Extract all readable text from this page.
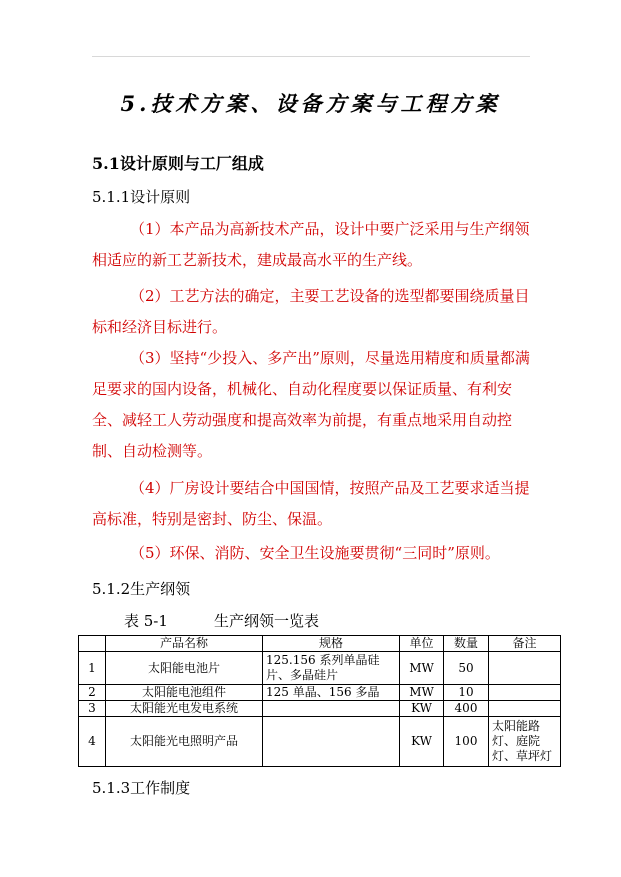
5.技术方案、设备方案与工程方案
5.1设计原则与工厂组成
5.1.1设计原则
（1）本产品为高新技术产品，设计中要广泛采用与生产纲领相适应的新工艺新技术，建成最高水平的生产线。
（2）工艺方法的确定，主要工艺设备的选型都要围绕质量目标和经济目标进行。
（3）坚持“少投入、多产出”原则，尽量选用精度和质量都满足要求的国内设备，机械化、自动化程度要以保证质量、有利安全、减轻工人劳动强度和提高效率为前提，有重点地采用自动控制、自动检测等。
（4）厂房设计要结合中国国情，按照产品及工艺要求适当提高标准，特别是密封、防尘、保温。
（5）环保、消防、安全卫生设施要贯彻“三同时”原则。
5.1.2生产纲领
表 5-1	生产纲领一览表
	产品名称	规格	单位	数量	备注
1	太阳能电池片	125.156 系列单晶硅片、多晶硅片	MW	50	
2	太阳能电池组件	125 单晶、156 多晶	MW	10	
3	太阳能光电发电系统		KW	400	
4	太阳能光电照明产品		KW	100	太阳能路灯、庭院灯、草坪灯
5.1.3工作制度
